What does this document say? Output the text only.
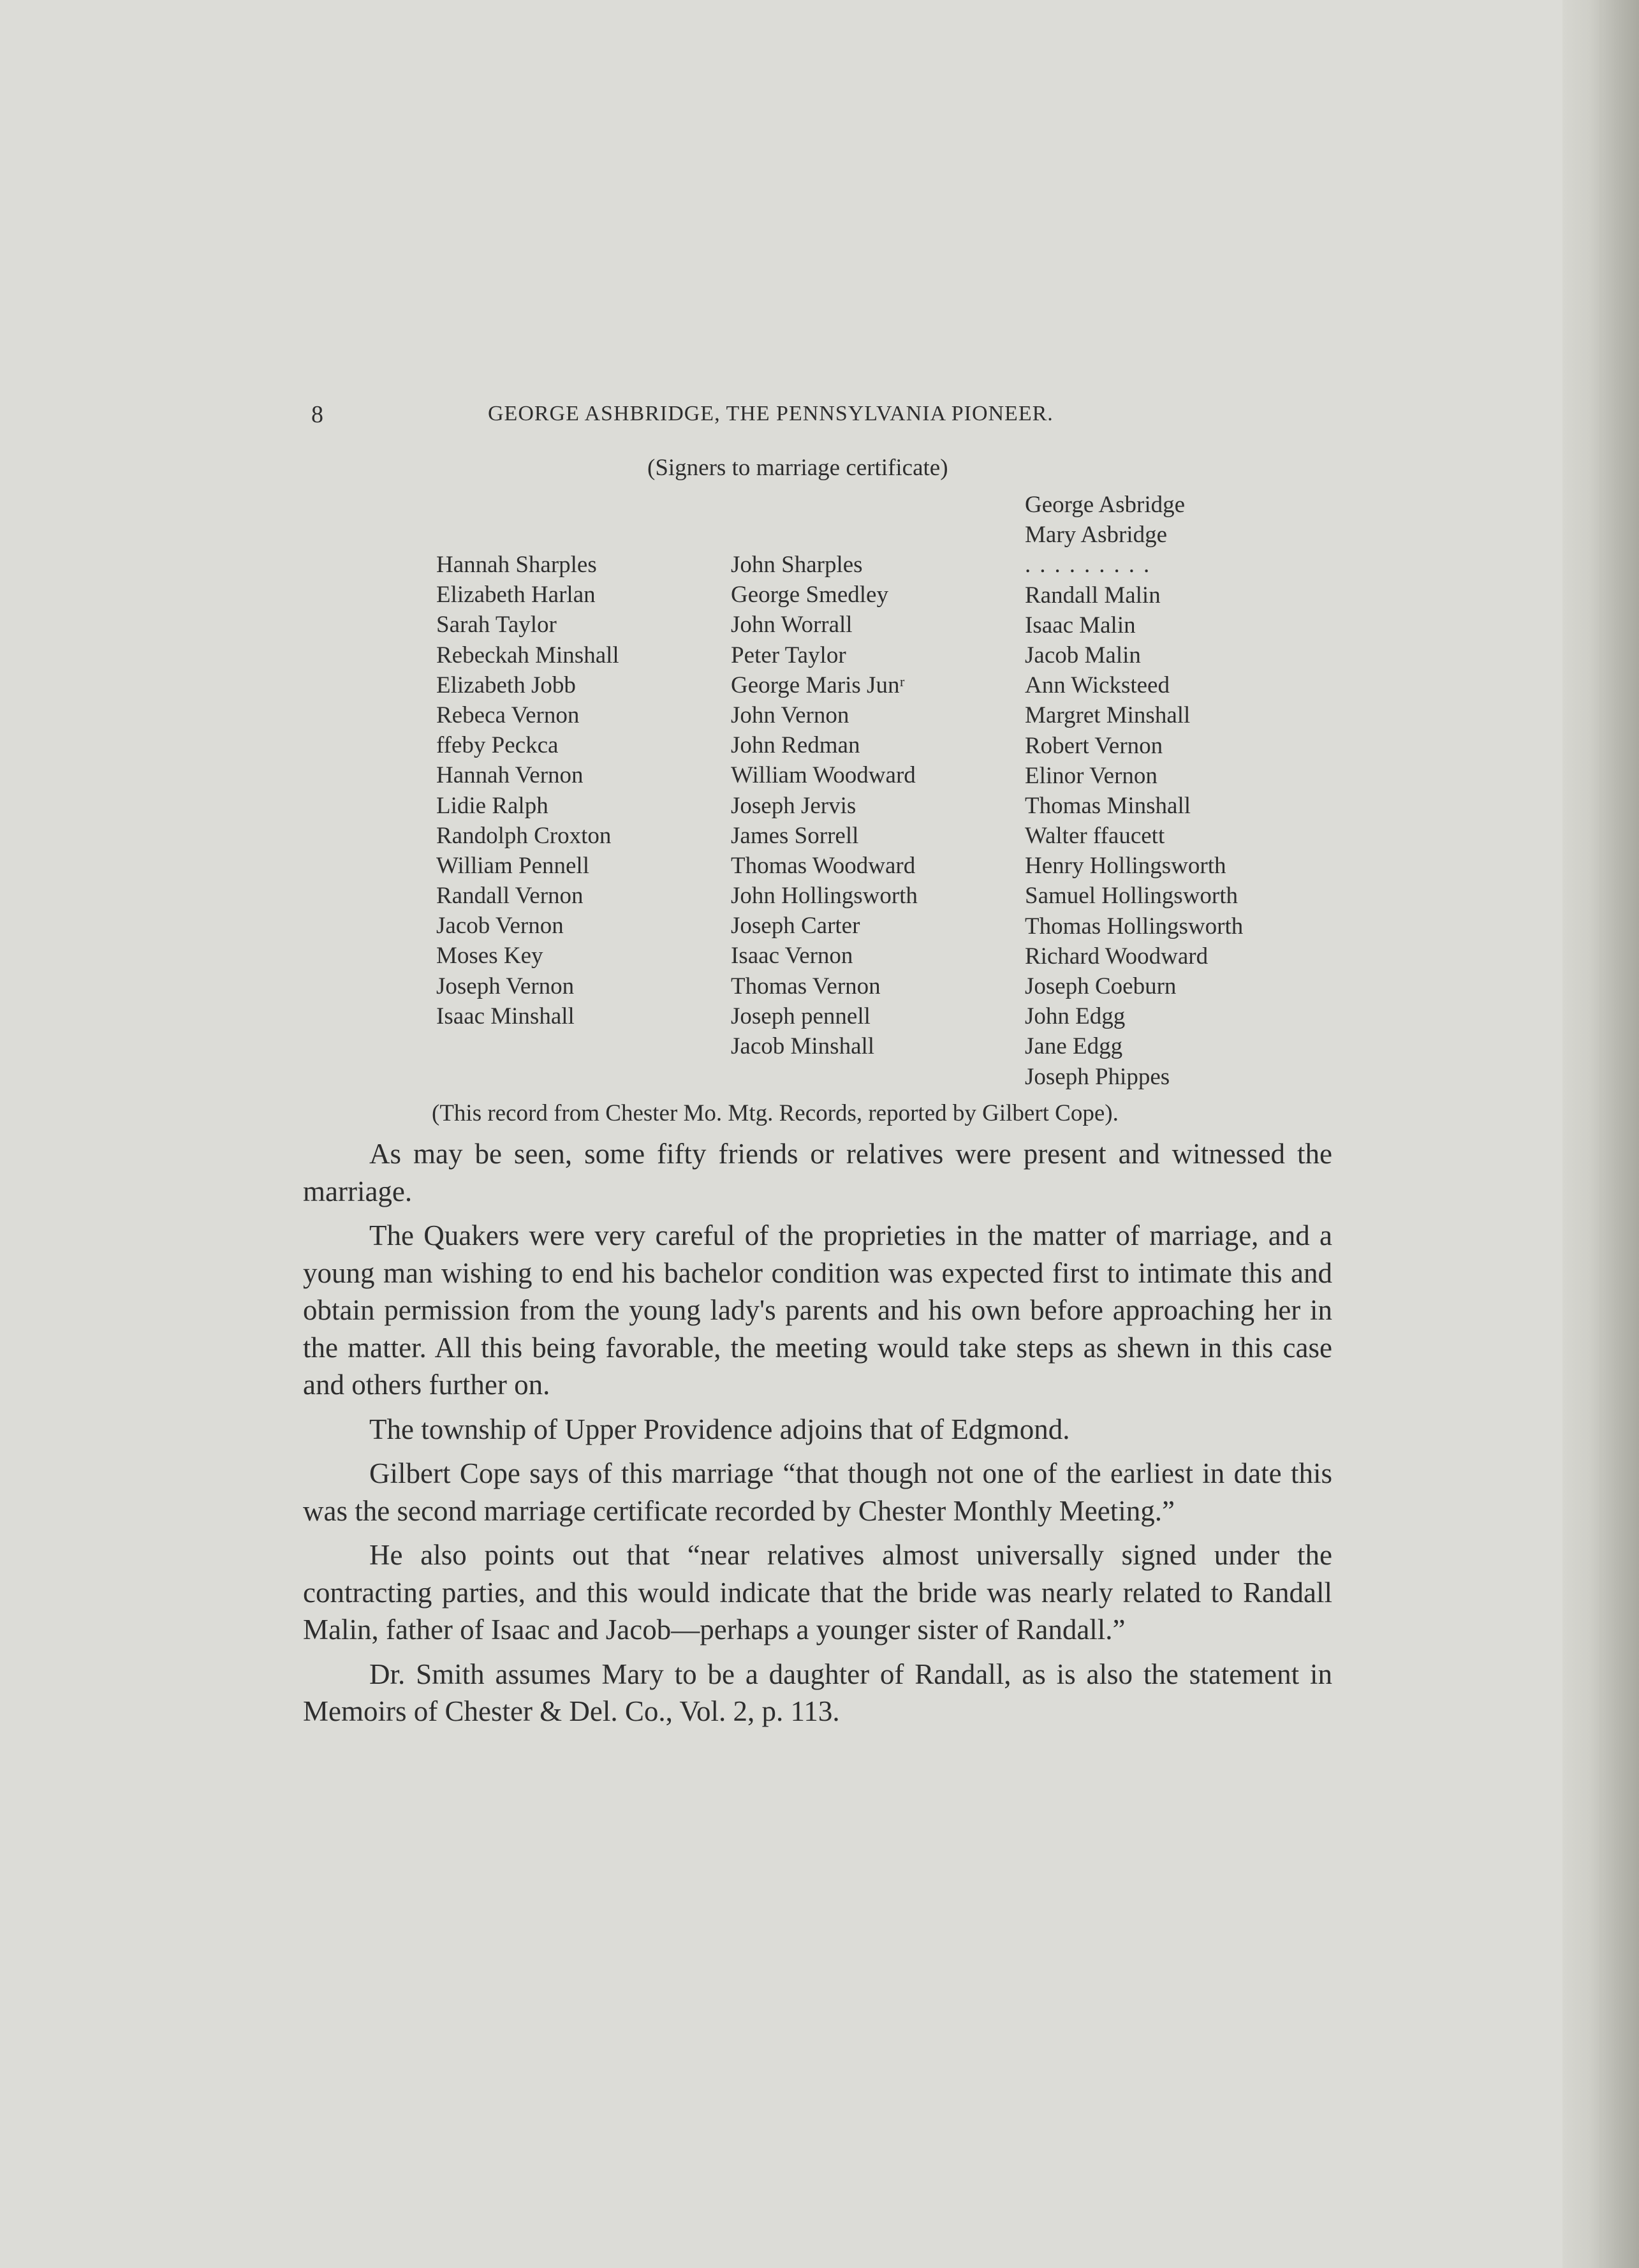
8	GEORGE ASHBRIDGE, THE PENNSYLVANIA PIONEER.
(Signers to marriage certificate)
Hannah Sharples
Elizabeth Harlan
Sarah Taylor
Rebeckah Minshall
Elizabeth Jobb
Rebeca Vernon
ffeby Peckca
Hannah Vernon
Lidie Ralph
Randolph Croxton
William Pennell
Randall Vernon
Jacob Vernon
Moses Key
Joseph Vernon
Isaac Minshall
John Sharples
George Smedley
John Worrall
Peter Taylor
George Maris Junʳ
John Vernon
John Redman
William Woodward
Joseph Jervis
James Sorrell
Thomas Woodward
John Hollingsworth
Joseph Carter
Isaac Vernon
Thomas Vernon
Joseph pennell
Jacob Minshall
George Asbridge
Mary Asbridge
.........
Randall Malin
Isaac Malin
Jacob Malin
Ann Wicksteed
Margret Minshall
Robert Vernon
Elinor Vernon
Thomas Minshall
Walter ffaucett
Henry Hollingsworth
Samuel Hollingsworth
Thomas Hollingsworth
Richard Woodward
Joseph Coeburn
John Edgg
Jane Edgg
Joseph Phippes
(This record from Chester Mo. Mtg. Records, reported by Gilbert Cope).

As may be seen, some fifty friends or relatives were present and witnessed the marriage.

The Quakers were very careful of the proprieties in the matter of marriage, and a young man wishing to end his bachelor condition was expected first to intimate this and obtain permission from the young lady's parents and his own before approaching her in the matter. All this being favorable, the meeting would take steps as shewn in this case and others further on.

The township of Upper Providence adjoins that of Edgmond.

Gilbert Cope says of this marriage “that though not one of the earliest in date this was the second marriage certificate recorded by Chester Monthly Meeting.”

He also points out that “near relatives almost universally signed under the contracting parties, and this would indicate that the bride was nearly related to Randall Malin, father of Isaac and Jacob—perhaps a younger sister of Randall.”

Dr. Smith assumes Mary to be a daughter of Randall, as is also the statement in Memoirs of Chester & Del. Co., Vol. 2, p. 113.
